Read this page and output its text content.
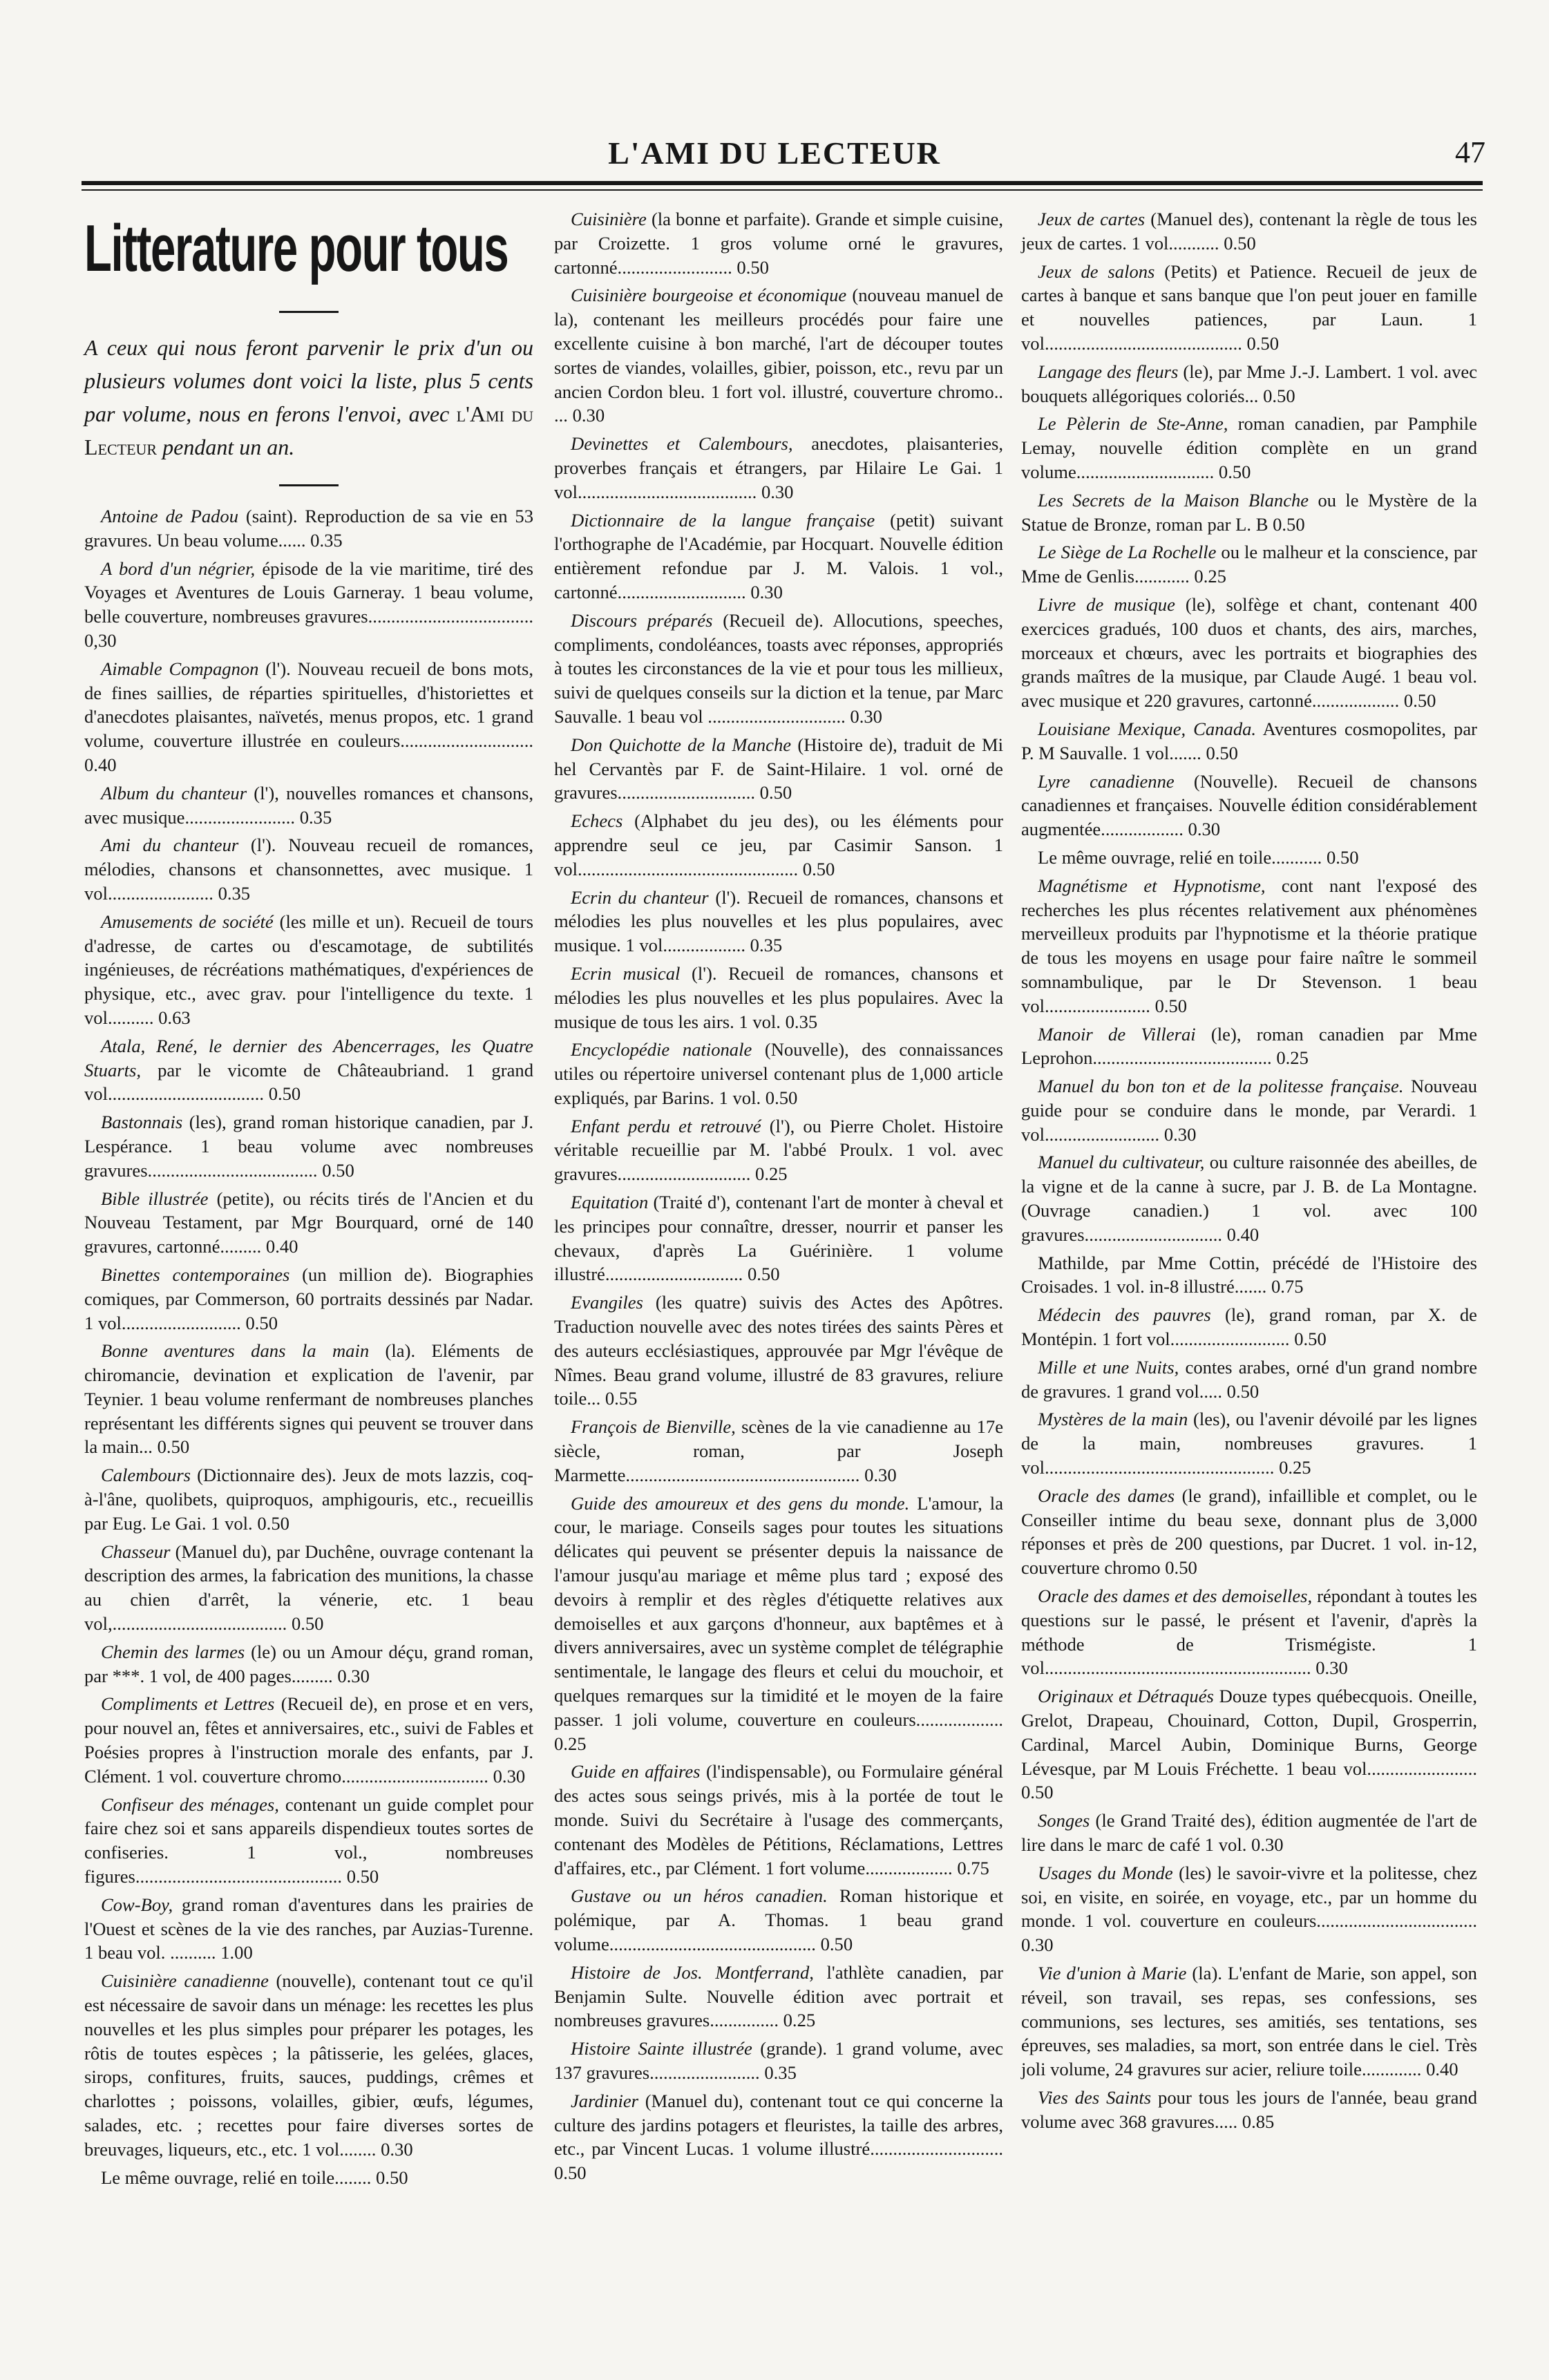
L'AMI DU LECTEUR	47
Litterature pour tous

A ceux qui nous feront parvenir le prix d'un ou plusieurs volumes dont voici la liste, plus 5 cents par volume, nous en ferons l'envoi, avec l'Ami du Lecteur pendant un an.

Antoine de Padou (saint). Reproduction de sa vie en 53 gravures. Un beau volume...... 0.35

A bord d'un négrier, épisode de la vie maritime, tiré des Voyages et Aventures de Louis Garneray. 1 beau volume, belle couverture, nombreuses gravures.................................... 0,30

Aimable Compagnon (l'). Nouveau recueil de bons mots, de fines saillies, de réparties spirituelles, d'historiettes et d'anecdotes plaisantes, naïvetés, menus propos, etc. 1 grand volume, couverture illustrée en couleurs............................. 0.40

Album du chanteur (l'), nouvelles romances et chansons, avec musique........................ 0.35

Ami du chanteur (l'). Nouveau recueil de romances, mélodies, chansons et chansonnettes, avec musique. 1 vol....................... 0.35

Amusements de société (les mille et un). Recueil de tours d'adresse, de cartes ou d'escamotage, de subtilités ingénieuses, de récréations mathématiques, d'expériences de physique, etc., avec grav. pour l'intelligence du texte. 1 vol.......... 0.63

Atala, René, le dernier des Abencerrages, les Quatre Stuarts, par le vicomte de Châteaubriand. 1 grand vol.................................. 0.50

Bastonnais (les), grand roman historique canadien, par J. Lespérance. 1 beau volume avec nombreuses gravures..................................... 0.50

Bible illustrée (petite), ou récits tirés de l'Ancien et du Nouveau Testament, par Mgr Bourquard, orné de 140 gravures, cartonné......... 0.40

Binettes contemporaines (un million de). Biographies comiques, par Commerson, 60 portraits dessinés par Nadar. 1 vol.......................... 0.50

Bonne aventures dans la main (la). Eléments de chiromancie, devination et explication de l'avenir, par Teynier. 1 beau volume renfermant de nombreuses planches représentant les différents signes qui peuvent se trouver dans la main... 0.50

Calembours (Dictionnaire des). Jeux de mots lazzis, coq-à-l'âne, quolibets, quiproquos, amphigouris, etc., recueillis par Eug. Le Gai. 1 vol. 0.50

Chasseur (Manuel du), par Duchêne, ouvrage contenant la description des armes, la fabrication des munitions, la chasse au chien d'arrêt, la vénerie, etc. 1 beau vol,...................................... 0.50

Chemin des larmes (le) ou un Amour déçu, grand roman, par ***. 1 vol, de 400 pages......... 0.30

Compliments et Lettres (Recueil de), en prose et en vers, pour nouvel an, fêtes et anniversaires, etc., suivi de Fables et Poésies propres à l'instruction morale des enfants, par J. Clément. 1 vol. couverture chromo................................ 0.30

Confiseur des ménages, contenant un guide complet pour faire chez soi et sans appareils dispendieux toutes sortes de confiseries. 1 vol., nombreuses figures............................................. 0.50

Cow-Boy, grand roman d'aventures dans les prairies de l'Ouest et scènes de la vie des ranches, par Auzias-Turenne. 1 beau vol. .......... 1.00

Cuisinière canadienne (nouvelle), contenant tout ce qu'il est nécessaire de savoir dans un ménage: les recettes les plus nouvelles et les plus simples pour préparer les potages, les rôtis de toutes espèces ; la pâtisserie, les gelées, glaces, sirops, confitures, fruits, sauces, puddings, crêmes et charlottes ; poissons, volailles, gibier, œufs, légumes, salades, etc. ; recettes pour faire diverses sortes de breuvages, liqueurs, etc., etc. 1 vol........ 0.30

Le même ouvrage, relié en toile........ 0.50

Cuisinière (la bonne et parfaite). Grande et simple cuisine, par Croizette. 1 gros volume orné le gravures, cartonné......................... 0.50

Cuisinière bourgeoise et économique (nouveau manuel de la), contenant les meilleurs procédés pour faire une excellente cuisine à bon marché, l'art de découper toutes sortes de viandes, volailles, gibier, poisson, etc., revu par un ancien Cordon bleu. 1 fort vol. illustré, couverture chromo.. ... 0.30

Devinettes et Calembours, anecdotes, plaisanteries, proverbes français et étrangers, par Hilaire Le Gai. 1 vol....................................... 0.30

Dictionnaire de la langue française (petit) suivant l'orthographe de l'Académie, par Hocquart. Nouvelle édition entièrement refondue par J. M. Valois. 1 vol., cartonné............................ 0.30

Discours préparés (Recueil de). Allocutions, speeches, compliments, condoléances, toasts avec réponses, appropriés à toutes les circonstances de la vie et pour tous les millieux, suivi de quelques conseils sur la diction et la tenue, par Marc Sauvalle. 1 beau vol .............................. 0.30

Don Quichotte de la Manche (Histoire de), traduit de Mi hel Cervantès par F. de Saint-Hilaire. 1 vol. orné de gravures.............................. 0.50

Echecs (Alphabet du jeu des), ou les éléments pour apprendre seul ce jeu, par Casimir Sanson. 1 vol................................................ 0.50

Ecrin du chanteur (l'). Recueil de romances, chansons et mélodies les plus nouvelles et les plus populaires, avec musique. 1 vol.................. 0.35

Ecrin musical (l'). Recueil de romances, chansons et mélodies les plus nouvelles et les plus populaires. Avec la musique de tous les airs. 1 vol. 0.35

Encyclopédie nationale (Nouvelle), des connaissances utiles ou répertoire universel contenant plus de 1,000 article expliqués, par Barins. 1 vol. 0.50

Enfant perdu et retrouvé (l'), ou Pierre Cholet. Histoire véritable recueillie par M. l'abbé Proulx. 1 vol. avec gravures............................. 0.25

Equitation (Traité d'), contenant l'art de monter à cheval et les principes pour connaître, dresser, nourrir et panser les chevaux, d'après La Guérinière. 1 volume illustré.............................. 0.50

Evangiles (les quatre) suivis des Actes des Apôtres. Traduction nouvelle avec des notes tirées des saints Pères et des auteurs ecclésiastiques, approuvée par Mgr l'évêque de Nîmes. Beau grand volume, illustré de 83 gravures, reliure toile... 0.55

François de Bienville, scènes de la vie canadienne au 17e siècle, roman, par Joseph Marmette................................................... 0.30

Guide des amoureux et des gens du monde. L'amour, la cour, le mariage. Conseils sages pour toutes les situations délicates qui peuvent se présenter depuis la naissance de l'amour jusqu'au mariage et même plus tard ; exposé des devoirs à remplir et des règles d'étiquette relatives aux demoiselles et aux garçons d'honneur, aux baptêmes et à divers anniversaires, avec un système complet de télégraphie sentimentale, le langage des fleurs et celui du mouchoir, et quelques remarques sur la timidité et le moyen de la faire passer. 1 joli volume, couverture en couleurs................... 0.25

Guide en affaires (l'indispensable), ou Formulaire général des actes sous seings privés, mis à la portée de tout le monde. Suivi du Secrétaire à l'usage des commerçants, contenant des Modèles de Pétitions, Réclamations, Lettres d'affaires, etc., par Clément. 1 fort volume................... 0.75

Gustave ou un héros canadien. Roman historique et polémique, par A. Thomas. 1 beau grand volume............................................. 0.50

Histoire de Jos. Montferrand, l'athlète canadien, par Benjamin Sulte. Nouvelle édition avec portrait et nombreuses gravures............... 0.25

Histoire Sainte illustrée (grande). 1 grand volume, avec 137 gravures........................ 0.35

Jardinier (Manuel du), contenant tout ce qui concerne la culture des jardins potagers et fleuristes, la taille des arbres, etc., par Vincent Lucas. 1 volume illustré............................. 0.50

Jeux de cartes (Manuel des), contenant la règle de tous les jeux de cartes. 1 vol........... 0.50

Jeux de salons (Petits) et Patience. Recueil de jeux de cartes à banque et sans banque que l'on peut jouer en famille et nouvelles patiences, par Laun. 1 vol........................................... 0.50

Langage des fleurs (le), par Mme J.-J. Lambert. 1 vol. avec bouquets allégoriques coloriés... 0.50

Le Pèlerin de Ste-Anne, roman canadien, par Pamphile Lemay, nouvelle édition complète en un grand volume.............................. 0.50

Les Secrets de la Maison Blanche ou le Mystère de la Statue de Bronze, roman par L. B 0.50

Le Siège de La Rochelle ou le malheur et la conscience, par Mme de Genlis............ 0.25

Livre de musique (le), solfège et chant, contenant 400 exercices gradués, 100 duos et chants, des airs, marches, morceaux et chœurs, avec les portraits et biographies des grands maîtres de la musique, par Claude Augé. 1 beau vol. avec musique et 220 gravures, cartonné................... 0.50

Louisiane Mexique, Canada. Aventures cosmopolites, par P. M Sauvalle. 1 vol....... 0.50

Lyre canadienne (Nouvelle). Recueil de chansons canadiennes et françaises. Nouvelle édition considérablement augmentée.................. 0.30

Le même ouvrage, relié en toile........... 0.50

Magnétisme et Hypnotisme, cont nant l'exposé des recherches les plus récentes relativement aux phénomènes merveilleux produits par l'hypnotisme et la théorie pratique de tous les moyens en usage pour faire naître le sommeil somnambulique, par le Dr Stevenson. 1 beau vol....................... 0.50

Manoir de Villerai (le), roman canadien par Mme Leprohon....................................... 0.25

Manuel du bon ton et de la politesse française. Nouveau guide pour se conduire dans le monde, par Verardi. 1 vol......................... 0.30

Manuel du cultivateur, ou culture raisonnée des abeilles, de la vigne et de la canne à sucre, par J. B. de La Montagne. (Ouvrage canadien.) 1 vol. avec 100 gravures.............................. 0.40

Mathilde, par Mme Cottin, précédé de l'Histoire des Croisades. 1 vol. in-8 illustré....... 0.75

Médecin des pauvres (le), grand roman, par X. de Montépin. 1 fort vol.......................... 0.50

Mille et une Nuits, contes arabes, orné d'un grand nombre de gravures. 1 grand vol..... 0.50

Mystères de la main (les), ou l'avenir dévoilé par les lignes de la main, nombreuses gravures. 1 vol.................................................. 0.25

Oracle des dames (le grand), infaillible et complet, ou le Conseiller intime du beau sexe, donnant plus de 3,000 réponses et près de 200 questions, par Ducret. 1 vol. in-12, couverture chromo 0.50

Oracle des dames et des demoiselles, répondant à toutes les questions sur le passé, le présent et l'avenir, d'après la méthode de Trismégiste. 1 vol.......................................................... 0.30

Originaux et Détraqués Douze types québecquois. Oneille, Grelot, Drapeau, Chouinard, Cotton, Dupil, Grosperrin, Cardinal, Marcel Aubin, Dominique Burns, George Lévesque, par M Louis Fréchette. 1 beau vol........................ 0.50

Songes (le Grand Traité des), édition augmentée de l'art de lire dans le marc de café 1 vol. 0.30

Usages du Monde (les) le savoir-vivre et la politesse, chez soi, en visite, en soirée, en voyage, etc., par un homme du monde. 1 vol. couverture en couleurs................................... 0.30

Vie d'union à Marie (la). L'enfant de Marie, son appel, son réveil, son travail, ses repas, ses confessions, ses communions, ses lectures, ses amitiés, ses tentations, ses épreuves, ses maladies, sa mort, son entrée dans le ciel. Très joli volume, 24 gravures sur acier, reliure toile............. 0.40

Vies des Saints pour tous les jours de l'année, beau grand volume avec 368 gravures..... 0.85
